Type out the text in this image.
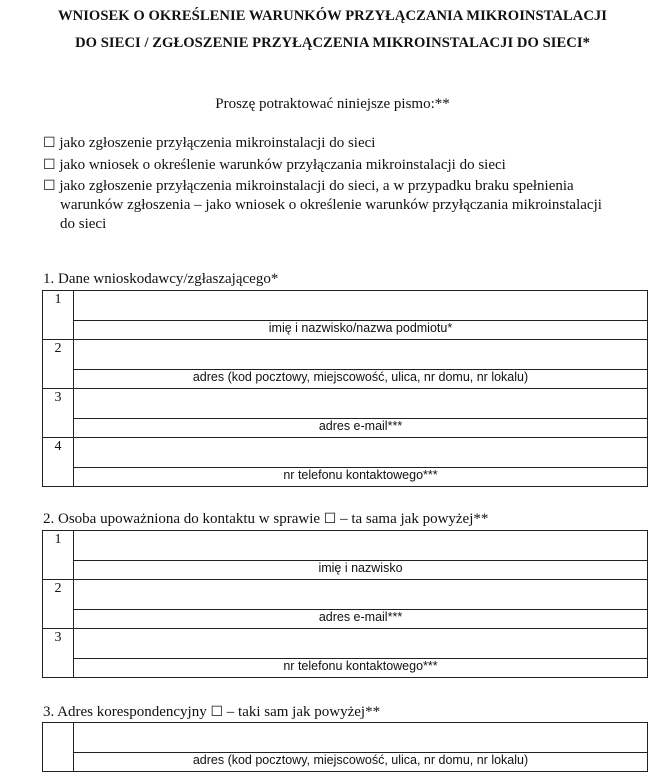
WNIOSEK O OKREŚLENIE WARUNKÓW PRZYŁĄCZANIA MIKROINSTALACJI
DO SIECI / ZGŁOSZENIE PRZYŁĄCZENIA MIKROINSTALACJI DO SIECI*
Proszę potraktować niniejsze pismo:**
☐ jako zgłoszenie przyłączenia mikroinstalacji do sieci
☐ jako wniosek o określenie warunków przyłączania mikroinstalacji do sieci
☐ jako zgłoszenie przyłączenia mikroinstalacji do sieci, a w przypadku braku spełnienia
warunków zgłoszenia – jako wniosek o określenie warunków przyłączania mikroinstalacji
do sieci
1. Dane wnioskodawcy/zgłaszającego*
1	

	imię i nazwisko/nazwa podmiotu*

2	

	adres (kod pocztowy, miejscowość, ulica, nr domu, nr lokalu)

3	

	adres e-mail***

4	

	nr telefonu kontaktowego***
2. Osoba upoważniona do kontaktu w sprawie ☐ – ta sama jak powyżej**
1	

	imię i nazwisko

2	

	adres e-mail***

3	

	nr telefonu kontaktowego***
3. Adres korespondencyjny ☐ – taki sam jak powyżej**

adres (kod pocztowy, miejscowość, ulica, nr domu, nr lokalu)
